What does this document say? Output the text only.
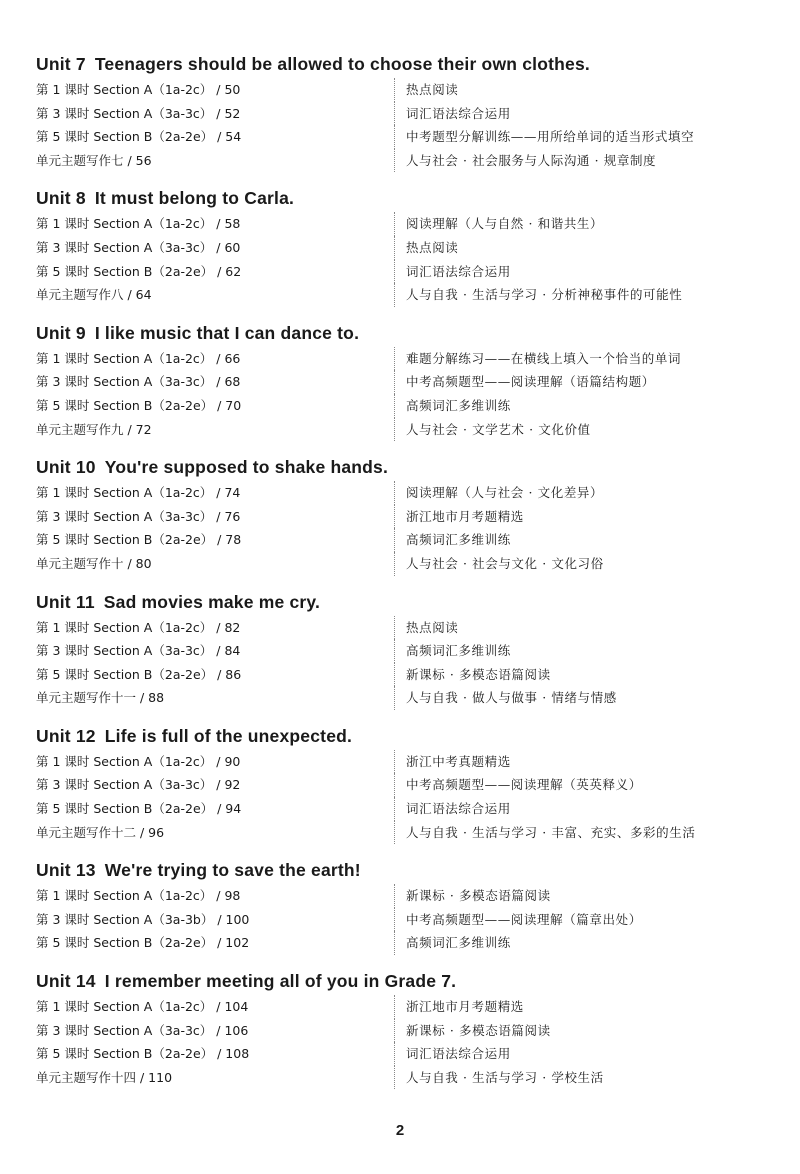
Unit 7 Teenagers should be allowed to choose their own clothes.
第 1 课时 Section A（1a-2c） / 50	热点阅读
第 3 课时 Section A（3a-3c） / 52	词汇语法综合运用
第 5 课时 Section B（2a-2e） / 54	中考题型分解训练——用所给单词的适当形式填空
单元主题写作七 / 56	人与社会 · 社会服务与人际沟通 · 规章制度
Unit 8 It must belong to Carla.
第 1 课时 Section A（1a-2c） / 58	阅读理解（人与自然 · 和谐共生）
第 3 课时 Section A（3a-3c） / 60	热点阅读
第 5 课时 Section B（2a-2e） / 62	词汇语法综合运用
单元主题写作八 / 64	人与自我 · 生活与学习 · 分析神秘事件的可能性
Unit 9 I like music that I can dance to.
第 1 课时 Section A（1a-2c） / 66	难题分解练习——在横线上填入一个恰当的单词
第 3 课时 Section A（3a-3c） / 68	中考高频题型——阅读理解（语篇结构题）
第 5 课时 Section B（2a-2e） / 70	高频词汇多维训练
单元主题写作九 / 72	人与社会 · 文学艺术 · 文化价值
Unit 10 You're supposed to shake hands.
第 1 课时 Section A（1a-2c） / 74	阅读理解（人与社会 · 文化差异）
第 3 课时 Section A（3a-3c） / 76	浙江地市月考题精选
第 5 课时 Section B（2a-2e） / 78	高频词汇多维训练
单元主题写作十 / 80	人与社会 · 社会与文化 · 文化习俗
Unit 11 Sad movies make me cry.
第 1 课时 Section A（1a-2c） / 82	热点阅读
第 3 课时 Section A（3a-3c） / 84	高频词汇多维训练
第 5 课时 Section B（2a-2e） / 86	新课标 · 多模态语篇阅读
单元主题写作十一 / 88	人与自我 · 做人与做事 · 情绪与情感
Unit 12 Life is full of the unexpected.
第 1 课时 Section A（1a-2c） / 90	浙江中考真题精选
第 3 课时 Section A（3a-3c） / 92	中考高频题型——阅读理解（英英释义）
第 5 课时 Section B（2a-2e） / 94	词汇语法综合运用
单元主题写作十二 / 96	人与自我 · 生活与学习 · 丰富、充实、多彩的生活
Unit 13 We're trying to save the earth!
第 1 课时 Section A（1a-2c） / 98	新课标 · 多模态语篇阅读
第 3 课时 Section A（3a-3b） / 100	中考高频题型——阅读理解（篇章出处）
第 5 课时 Section B（2a-2e） / 102	高频词汇多维训练
Unit 14 I remember meeting all of you in Grade 7.
第 1 课时 Section A（1a-2c） / 104	浙江地市月考题精选
第 3 课时 Section A（3a-3c） / 106	新课标 · 多模态语篇阅读
第 5 课时 Section B（2a-2e） / 108	词汇语法综合运用
单元主题写作十四 / 110	人与自我 · 生活与学习 · 学校生活
2
